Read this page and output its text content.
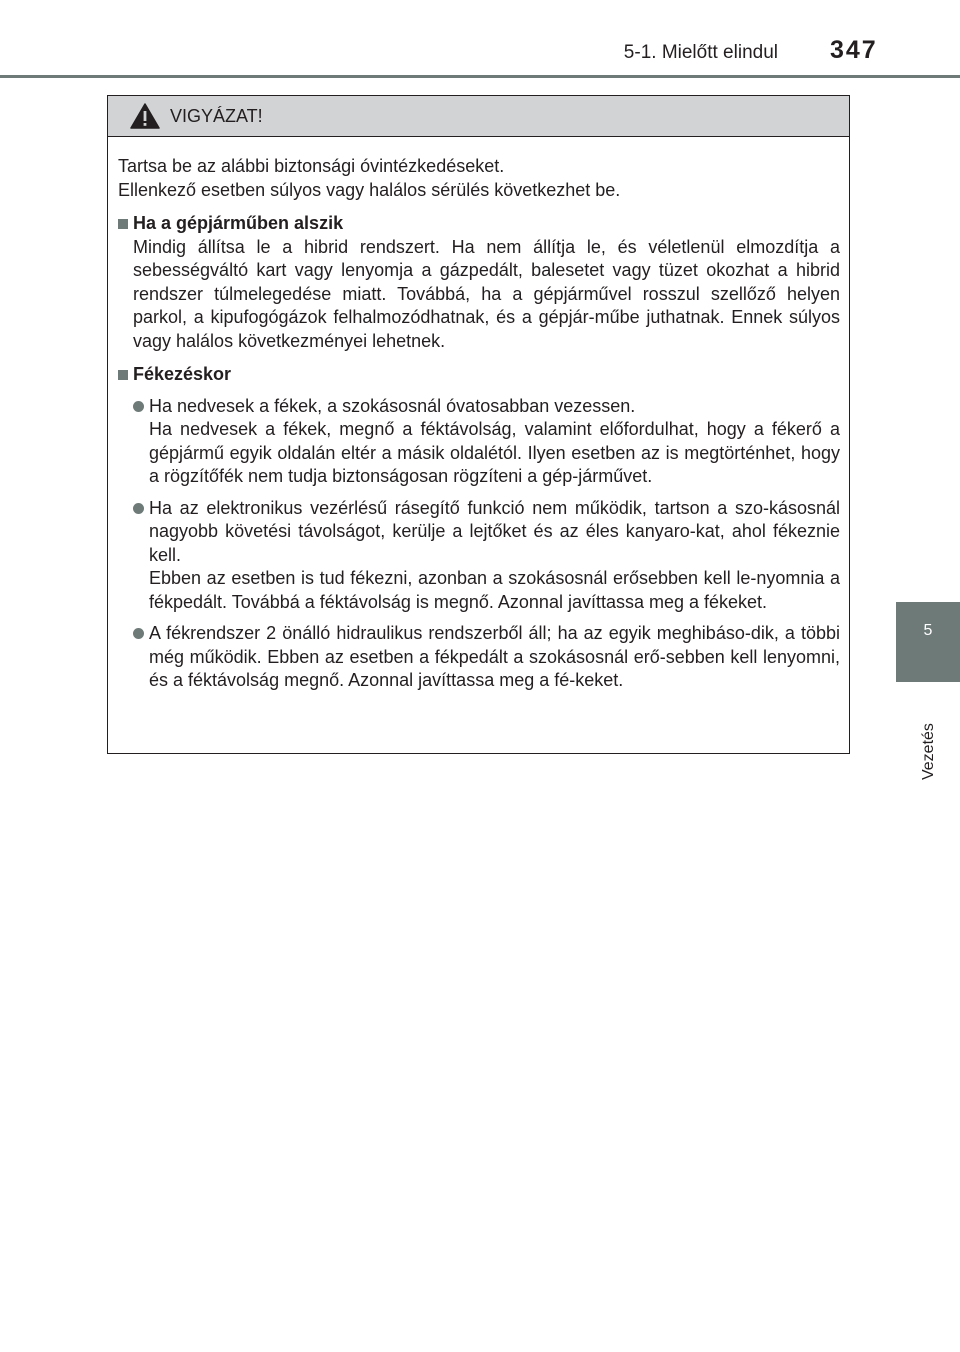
5-1. Mielőtt elindul 347
5
Vezetés
VIGYÁZAT!

Tartsa be az alábbi biztonsági óvintézkedéseket.

Ellenkező esetben súlyos vagy halálos sérülés következhet be.

Ha a gépjárműben alszik
Mindig állítsa le a hibrid rendszert. Ha nem állítja le, és véletlenül elmozdítja a sebességváltó kart vagy lenyomja a gázpedált, balesetet vagy tüzet okozhat a hibrid rendszer túlmelegedése miatt. Továbbá, ha a gépjárművel rosszul szellőző helyen parkol, a kipufogógázok felhalmozódhatnak, és a gépjár-műbe juthatnak. Ennek súlyos vagy halálos következményei lehetnek.
Fékezéskor

Ha nedvesek a fékek, a szokásosnál óvatosabban vezessen.

Ha nedvesek a fékek, megnő a féktávolság, valamint előfordulhat, hogy a fékerő a gépjármű egyik oldalán eltér a másik oldalétól. Ilyen esetben az is megtörténhet, hogy a rögzítőfék nem tudja biztonságosan rögzíteni a gép-járművet.

Ha az elektronikus vezérlésű rásegítő funkció nem működik, tartson a szo-kásosnál nagyobb követési távolságot, kerülje a lejtőket és az éles kanyaro-kat, ahol fékeznie kell.

Ebben az esetben is tud fékezni, azonban a szokásosnál erősebben kell le-nyomnia a fékpedált. Továbbá a féktávolság is megnő. Azonnal javíttassa meg a fékeket.

A fékrendszer 2 önálló hidraulikus rendszerből áll; ha az egyik meghibáso-dik, a többi még működik. Ebben az esetben a fékpedált a szokásosnál erő-sebben kell lenyomni, és a féktávolság megnő. Azonnal javíttassa meg a fé-keket.
